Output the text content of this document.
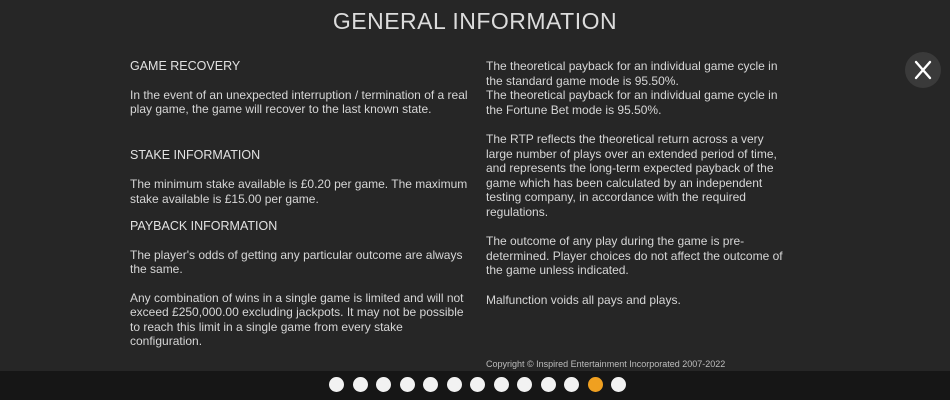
GENERAL INFORMATION

GAME RECOVERY

In the event of an unexpected interruption / termination of a real play game, the game will recover to the last known state.

STAKE INFORMATION

The minimum stake available is £0.20 per game. The maximum stake available is £15.00 per game.

PAYBACK INFORMATION

The player's odds of getting any particular outcome are always the same.

Any combination of wins in a single game is limited and will not exceed £250,000.00 excluding jackpots. It may not be possible to reach this limit in a single game from every stake configuration.

The theoretical payback for an individual game cycle in the standard game mode is 95.50%.

The theoretical payback for an individual game cycle in the Fortune Bet mode is 95.50%.

The RTP reflects the theoretical return across a very large number of plays over an extended period of time, and represents the long-term expected payback of the game which has been calculated by an independent testing company, in accordance with the required regulations.

The outcome of any play during the game is pre-determined. Player choices do not affect the outcome of the game unless indicated.

Malfunction voids all pays and plays.

Copyright © Inspired Entertainment Incorporated 2007-2022
